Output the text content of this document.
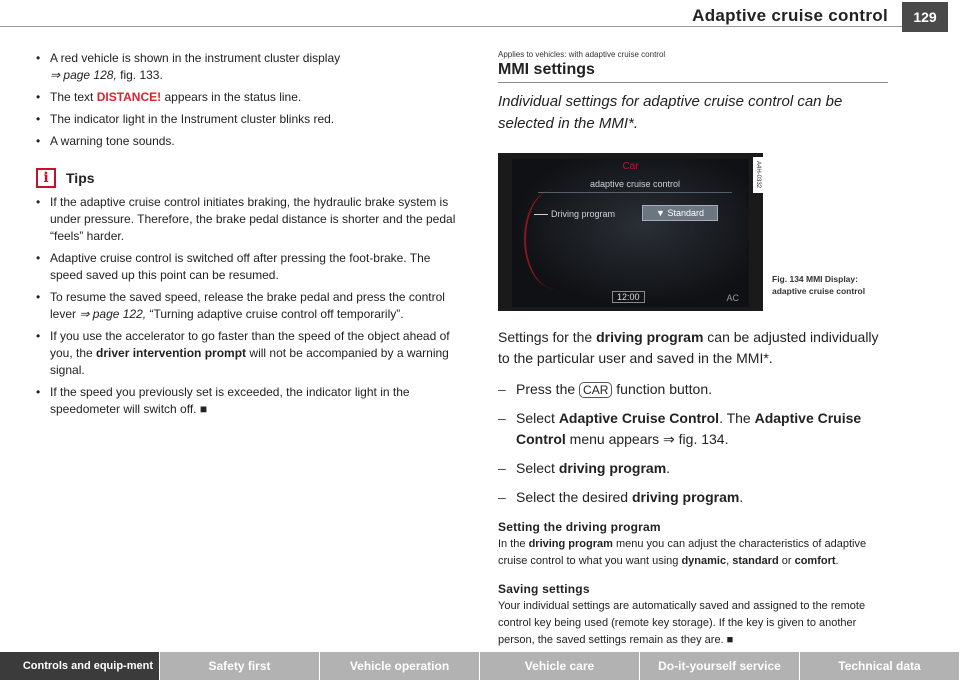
Adaptive cruise control	129

• A red vehicle is shown in the instrument cluster display
⇒ page 128, fig. 133.

• The text DISTANCE! appears in the status line.

• The indicator light in the Instrument cluster blinks red.

• A warning tone sounds.

i	Tips

• If the adaptive cruise control initiates braking, the hydraulic brake system is under pressure. Therefore, the brake pedal distance is shorter and the pedal “feels” harder.

• Adaptive cruise control is switched off after pressing the foot-brake. The speed saved up this point can be resumed.

• To resume the saved speed, release the brake pedal and press the control lever ⇒ page 122, “Turning adaptive cruise control off temporarily”.

• If you use the accelerator to go faster than the speed of the object ahead of you, the driver intervention prompt will not be accompanied by a warning signal.

• If the speed you previously set is exceeded, the indicator light in the speedometer will switch off. ■

Applies to vehicles: with adaptive cruise control
MMI settings
Individual settings for adaptive cruise control can be selected in the MMI*.
Car
adaptive cruise control
Driving program	▼ Standard
12:00	AC
A4H-0332
Fig. 134 MMI Display:
adaptive cruise control

Settings for the driving program can be adjusted individually to the particular user and saved in the MMI*.

– Press the CAR function button.
– Select Adaptive Cruise Control. The Adaptive Cruise Control menu appears ⇒ fig. 134.
– Select driving program.
– Select the desired driving program.
Setting the driving program

In the driving program menu you can adjust the characteristics of adaptive cruise control to what you want using dynamic, standard or comfort.

Saving settings

Your individual settings are automatically saved and assigned to the remote control key being used (remote key storage). If the key is given to another person, the saved settings remain as they are. ■

Controls and equip-ment	Safety first	Vehicle operation	Vehicle care	Do-it-yourself service	Technical data
